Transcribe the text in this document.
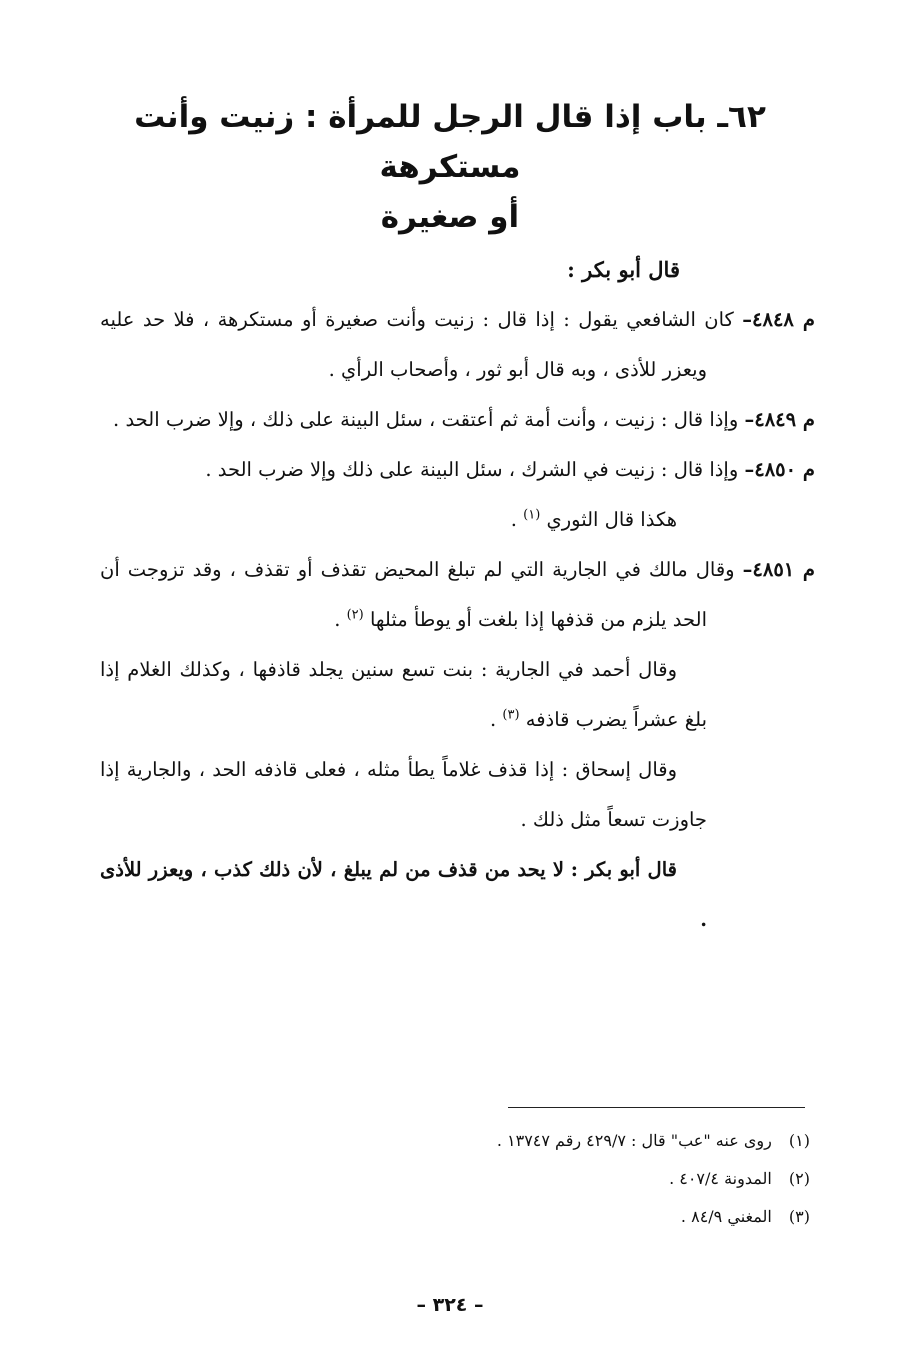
٦٢ـ باب إذا قال الرجل للمرأة : زنيت وأنت مستكرهة
أو صغيرة

قال أبو بكر :

م ٤٨٤٨– كان الشافعي يقول : إذا قال : زنيت وأنت صغيرة أو مستكرهة ، فلا حد عليه ويعزر للأذى ، وبه قال أبو ثور ، وأصحاب الرأي .

م ٤٨٤٩– وإذا قال : زنيت ، وأنت أمة ثم أعتقت ، سئل البينة على ذلك ، وإلا ضرب الحد .

م ٤٨٥٠– وإذا قال : زنيت في الشرك ، سئل البينة على ذلك وإلا ضرب الحد .

هكذا قال الثوري $^{(١)}$ .

م ٤٨٥١– وقال مالك في الجارية التي لم تبلغ المحيض تقذف أو تقذف ، وقد تزوجت أن الحد يلزم من قذفها إذا بلغت أو يوطأ مثلها $^{(٢)}$ .

وقال أحمد في الجارية : بنت تسع سنين يجلد قاذفها ، وكذلك الغلام إذا بلغ عشراً يضرب قاذفه $^{(٣)}$ .

وقال إسحاق : إذا قذف غلاماً يطأ مثله ، فعلى قاذفه الحد ، والجارية إذا جاوزت تسعاً مثل ذلك .

قال أبو بكر : لا يحد من قذف من لم يبلغ ، لأن ذلك كذب ، ويعزر للأذى .

(١) روى عنه "عب" قال : ٤٢٩/٧ رقم ١٣٧٤٧ .

(٢) المدونة ٤٠٧/٤ .

(٣) المغني ٨٤/٩ .

– ٣٢٤ –
